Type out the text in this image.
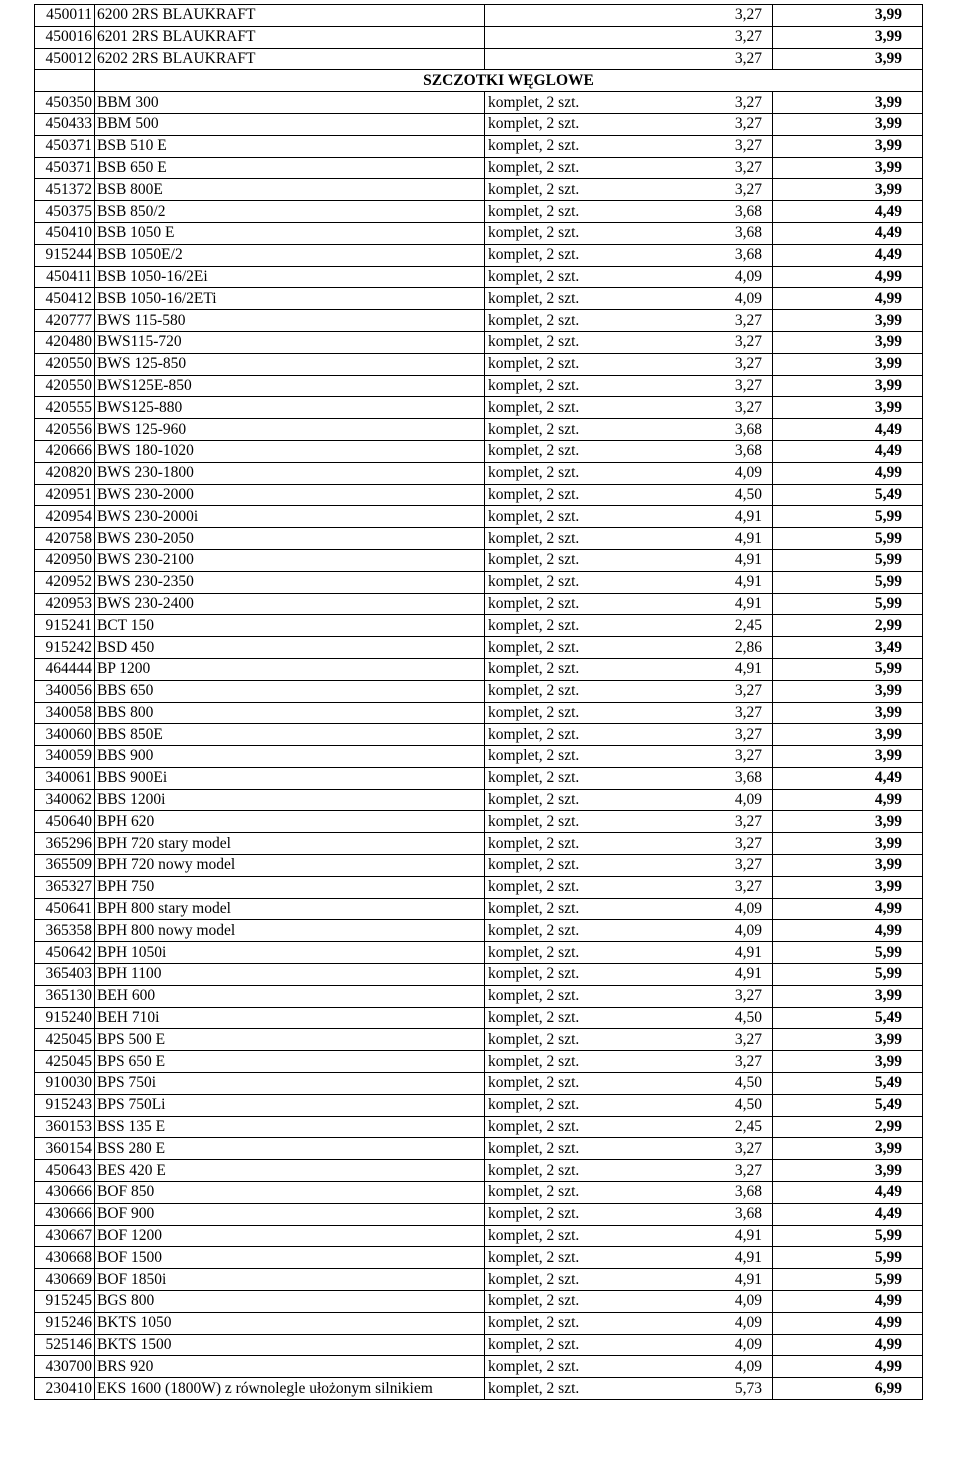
450011	6200 2RS BLAUKRAFT		3,27	3,99
450016	6201 2RS BLAUKRAFT		3,27	3,99
450012	6202 2RS BLAUKRAFT		3,27	3,99
	SZCZOTKI WĘGLOWE			
450350	BBM 300	komplet, 2 szt.	3,27	3,99
450433	BBM 500	komplet, 2 szt.	3,27	3,99
450371	BSB 510 E	komplet, 2 szt.	3,27	3,99
450371	BSB 650 E	komplet, 2 szt.	3,27	3,99
451372	BSB 800E	komplet, 2 szt.	3,27	3,99
450375	BSB 850/2	komplet, 2 szt.	3,68	4,49
450410	BSB 1050 E	komplet, 2 szt.	3,68	4,49
915244	BSB 1050E/2	komplet, 2 szt.	3,68	4,49
450411	BSB 1050-16/2Ei	komplet, 2 szt.	4,09	4,99
450412	BSB 1050-16/2ETi	komplet, 2 szt.	4,09	4,99
420777	BWS 115-580	komplet, 2 szt.	3,27	3,99
420480	BWS115-720	komplet, 2 szt.	3,27	3,99
420550	BWS 125-850	komplet, 2 szt.	3,27	3,99
420550	BWS125E-850	komplet, 2 szt.	3,27	3,99
420555	BWS125-880	komplet, 2 szt.	3,27	3,99
420556	BWS 125-960	komplet, 2 szt.	3,68	4,49
420666	BWS 180-1020	komplet, 2 szt.	3,68	4,49
420820	BWS 230-1800	komplet, 2 szt.	4,09	4,99
420951	BWS 230-2000	komplet, 2 szt.	4,50	5,49
420954	BWS 230-2000i	komplet, 2 szt.	4,91	5,99
420758	BWS 230-2050	komplet, 2 szt.	4,91	5,99
420950	BWS 230-2100	komplet, 2 szt.	4,91	5,99
420952	BWS 230-2350	komplet, 2 szt.	4,91	5,99
420953	BWS 230-2400	komplet, 2 szt.	4,91	5,99
915241	BCT 150	komplet, 2 szt.	2,45	2,99
915242	BSD 450	komplet, 2 szt.	2,86	3,49
464444	BP 1200	komplet, 2 szt.	4,91	5,99
340056	BBS 650	komplet, 2 szt.	3,27	3,99
340058	BBS 800	komplet, 2 szt.	3,27	3,99
340060	BBS 850E	komplet, 2 szt.	3,27	3,99
340059	BBS 900	komplet, 2 szt.	3,27	3,99
340061	BBS 900Ei	komplet, 2 szt.	3,68	4,49
340062	BBS 1200i	komplet, 2 szt.	4,09	4,99
450640	BPH 620	komplet, 2 szt.	3,27	3,99
365296	BPH 720 stary model	komplet, 2 szt.	3,27	3,99
365509	BPH 720 nowy model	komplet, 2 szt.	3,27	3,99
365327	BPH 750	komplet, 2 szt.	3,27	3,99
450641	BPH 800 stary model	komplet, 2 szt.	4,09	4,99
365358	BPH 800 nowy model	komplet, 2 szt.	4,09	4,99
450642	BPH 1050i	komplet, 2 szt.	4,91	5,99
365403	BPH 1100	komplet, 2 szt.	4,91	5,99
365130	BEH 600	komplet, 2 szt.	3,27	3,99
915240	BEH 710i	komplet, 2 szt.	4,50	5,49
425045	BPS 500 E	komplet, 2 szt.	3,27	3,99
425045	BPS 650 E	komplet, 2 szt.	3,27	3,99
910030	BPS 750i	komplet, 2 szt.	4,50	5,49
915243	BPS 750Li	komplet, 2 szt.	4,50	5,49
360153	BSS 135 E	komplet, 2 szt.	2,45	2,99
360154	BSS 280 E	komplet, 2 szt.	3,27	3,99
450643	BES 420 E	komplet, 2 szt.	3,27	3,99
430666	BOF 850	komplet, 2 szt.	3,68	4,49
430666	BOF 900	komplet, 2 szt.	3,68	4,49
430667	BOF 1200	komplet, 2 szt.	4,91	5,99
430668	BOF 1500	komplet, 2 szt.	4,91	5,99
430669	BOF 1850i	komplet, 2 szt.	4,91	5,99
915245	BGS 800	komplet, 2 szt.	4,09	4,99
915246	BKTS 1050	komplet, 2 szt.	4,09	4,99
525146	BKTS 1500	komplet, 2 szt.	4,09	4,99
430700	BRS 920	komplet, 2 szt.	4,09	4,99
230410	EKS 1600 (1800W) z równolegle ułożonym silnikiem	komplet, 2 szt.	5,73	6,99
